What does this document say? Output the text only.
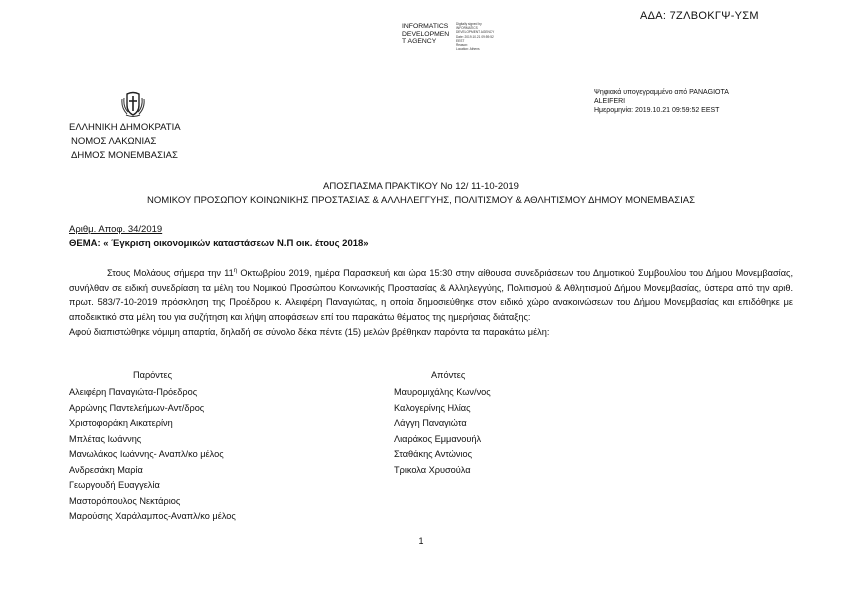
ΑΔΑ: 7ΖΛΒΟΚΓΨ-ΥΣΜ
INFORMATICS
DEVELOPMEN
T AGENCY
Digitally signed by
INFORMATICS
DEVELOPMENT AGENCY
Date: 2019.10.21 09:59:52
EEST
Reason:
Location: Athens
Ψηφιακά υπογεγραμμένο από PANAGIOTA
ALEIFERI
Ημερομηνία: 2019.10.21 09:59:52 EEST
ΕΛΛΗΝΙΚΗ ΔΗΜΟΚΡΑΤΙΑ
ΝΟΜΟΣ ΛΑΚΩΝΙΑΣ
ΔΗΜΟΣ ΜΟΝΕΜΒΑΣΙΑΣ
ΑΠΟΣΠΑΣΜΑ ΠΡΑΚΤΙΚΟΥ Νο 12/ 11-10-2019
ΝΟΜΙΚΟΥ ΠΡΟΣΩΠΟΥ ΚΟΙΝΩΝΙΚΗΣ ΠΡΟΣΤΑΣΙΑΣ & ΑΛΛΗΛΕΓΓΥΗΣ, ΠΟΛΙΤΙΣΜΟΥ & ΑΘΛΗΤΙΣΜΟΥ ΔΗΜΟΥ ΜΟΝΕΜΒΑΣΙΑΣ
Αριθμ. Αποφ. 34/2019
ΘΕΜΑ: « Έγκριση οικονομικών καταστάσεων Ν.Π οικ. έτους 2018»

Στους Μολάους σήμερα την $11^\eta$ Οκτωβρίου 2019, ημέρα Παρασκευή και ώρα 15:30 στην αίθουσα συνεδριάσεων του Δημοτικού Συμβουλίου του Δήμου Μονεμβασίας, συνήλθαν σε ειδική συνεδρίαση τα μέλη του Νομικού Προσώπου Κοινωνικής Προστασίας & Αλληλεγγύης, Πολιτισμού & Αθλητισμού Δήμου Μονεμβασίας, ύστερα από την αριθ. πρωτ. 583/7-10-2019 πρόσκληση της Προέδρου κ. Αλειφέρη Παναγιώτας, η οποία δημοσιεύθηκε στον ειδικό χώρο ανακοινώσεων του Δήμου Μονεμβασίας και επιδόθηκε με αποδεικτικό στα μέλη του για συζήτηση και λήψη αποφάσεων επί του παρακάτω θέματος της ημερήσιας διάταξης:

Αφού διαπιστώθηκε νόμιμη απαρτία, δηλαδή σε σύνολο δέκα πέντε (15) μελών βρέθηκαν παρόντα τα παρακάτω μέλη:

Παρόντες	Απόντες
Αλειφέρη Παναγιώτα-Πρόεδρος
Αρρώνης Παντελεήμων-Αντ/δρος
Χριστοφοράκη Αικατερίνη
Μπλέτας Ιωάννης
Μανωλάκος Ιωάννης- Αναπλ/κο μέλος
Ανδρεσάκη Μαρία
Γεωργουδή Ευαγγελία
Μαστορόπουλος Νεκτάριος
Μαρούσης Χαράλαμπος-Αναπλ/κο μέλος
Μαυρομιχάλης Κων/νος
Καλογερίνης Ηλίας
Λάγγη Παναγιώτα
Λιαράκος Εμμανουήλ
Σταθάκης Αντώνιος
Τρικολα Χρυσούλα
1
